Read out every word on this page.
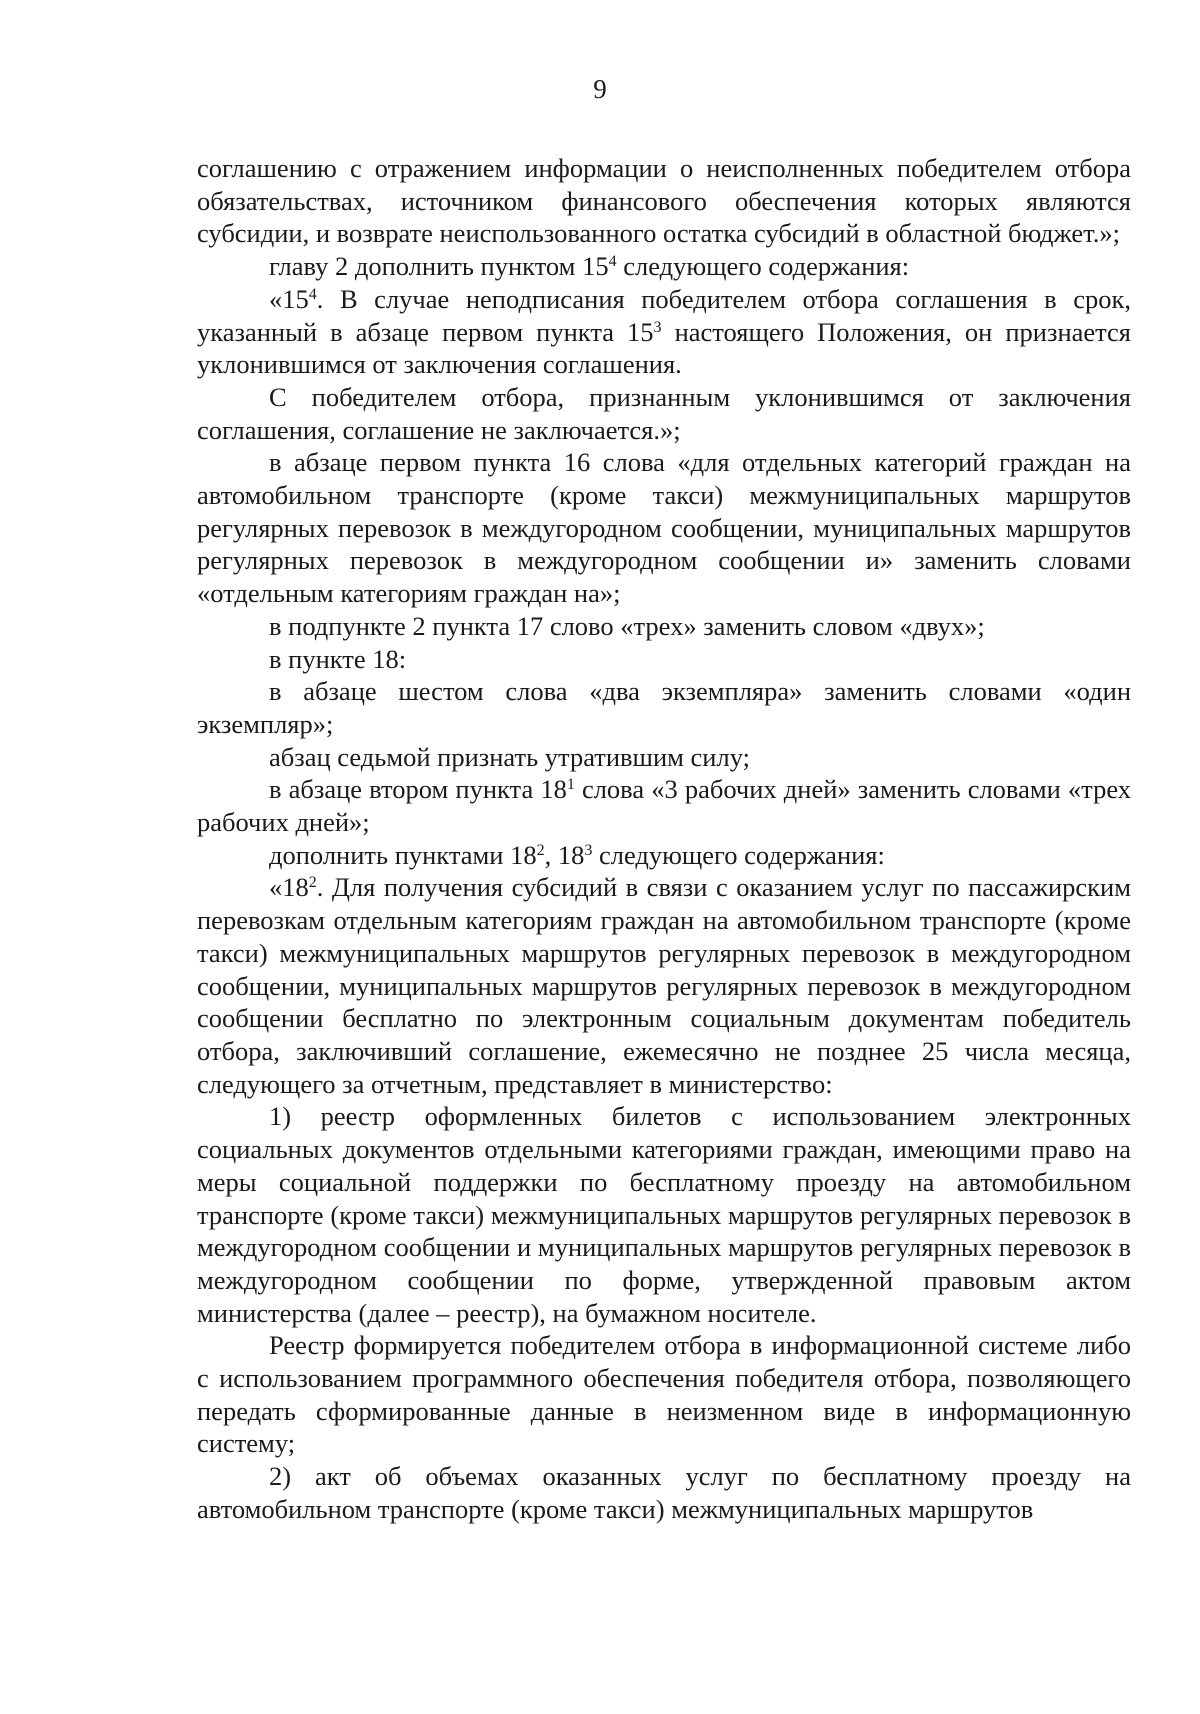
9

соглашению с отражением информации о неисполненных победителем отбора обязательствах, источником финансового обеспечения которых являются субсидии, и возврате неиспользованного остатка субсидий в областной бюджет.»;

главу 2 дополнить пунктом $15^4$ следующего содержания:

«$15^4$. В случае неподписания победителем отбора соглашения в срок, указанный в абзаце первом пункта $15^3$ настоящего Положения, он признается уклонившимся от заключения соглашения.

С победителем отбора, признанным уклонившимся от заключения соглашения, соглашение не заключается.»;

в абзаце первом пункта 16 слова «для отдельных категорий граждан на автомобильном транспорте (кроме такси) межмуниципальных маршрутов регулярных перевозок в междугородном сообщении, муниципальных маршрутов регулярных перевозок в междугородном сообщении и» заменить словами «отдельным категориям граждан на»;

в подпункте 2 пункта 17 слово «трех» заменить словом «двух»;

в пункте 18:

в абзаце шестом слова «два экземпляра» заменить словами «один экземпляр»;

абзац седьмой признать утратившим силу;

в абзаце втором пункта $18^1$ слова «3 рабочих дней» заменить словами «трех рабочих дней»;

дополнить пунктами $18^2$, $18^3$ следующего содержания:

«$18^2$. Для получения субсидий в связи с оказанием услуг по пассажирским перевозкам отдельным категориям граждан на автомобильном транспорте (кроме такси) межмуниципальных маршрутов регулярных перевозок в междугородном сообщении, муниципальных маршрутов регулярных перевозок в междугородном сообщении бесплатно по электронным социальным документам победитель отбора, заключивший соглашение, ежемесячно не позднее 25 числа месяца, следующего за отчетным, представляет в министерство:

1) реестр оформленных билетов с использованием электронных социальных документов отдельными категориями граждан, имеющими право на меры социальной поддержки по бесплатному проезду на автомобильном транспорте (кроме такси) межмуниципальных маршрутов регулярных перевозок в междугородном сообщении и муниципальных маршрутов регулярных перевозок в междугородном сообщении по форме, утвержденной правовым актом министерства (далее – реестр), на бумажном носителе.

Реестр формируется победителем отбора в информационной системе либо с использованием программного обеспечения победителя отбора, позволяющего передать сформированные данные в неизменном виде в информационную систему;

2) акт об объемах оказанных услуг по бесплатному проезду на автомобильном транспорте (кроме такси) межмуниципальных маршрутов
